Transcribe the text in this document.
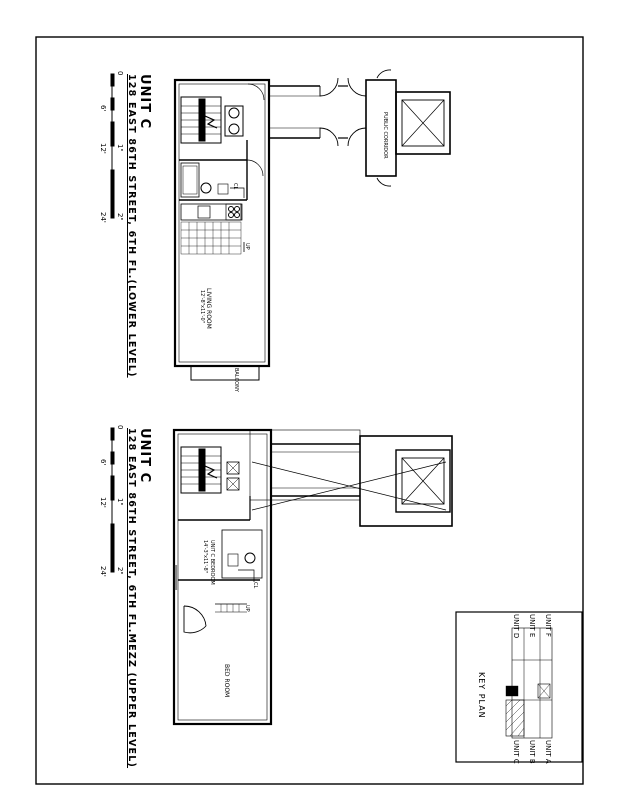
UNIT C
128 EAST 86TH STREET, 6TH FL.(LOWER LEVEL)	LIVING ROOM
12'-8"x11'-0"
BALCONY
PUBLIC CORRIDOR
CL
UP
UNIT C
128 EAST 86TH STREET, 6TH FL.MEZZ (UPPER LEVEL)	BED ROOM
UNIT C BEDROOM
14'-3"x11'-8"
CL
UP
0
6'
12'
24'
1"
2"
0
6'
12'
24'
1"
2"
KEY PLAN
UNIT D UNIT E UNIT F
UNIT C UNIT B UNIT A
